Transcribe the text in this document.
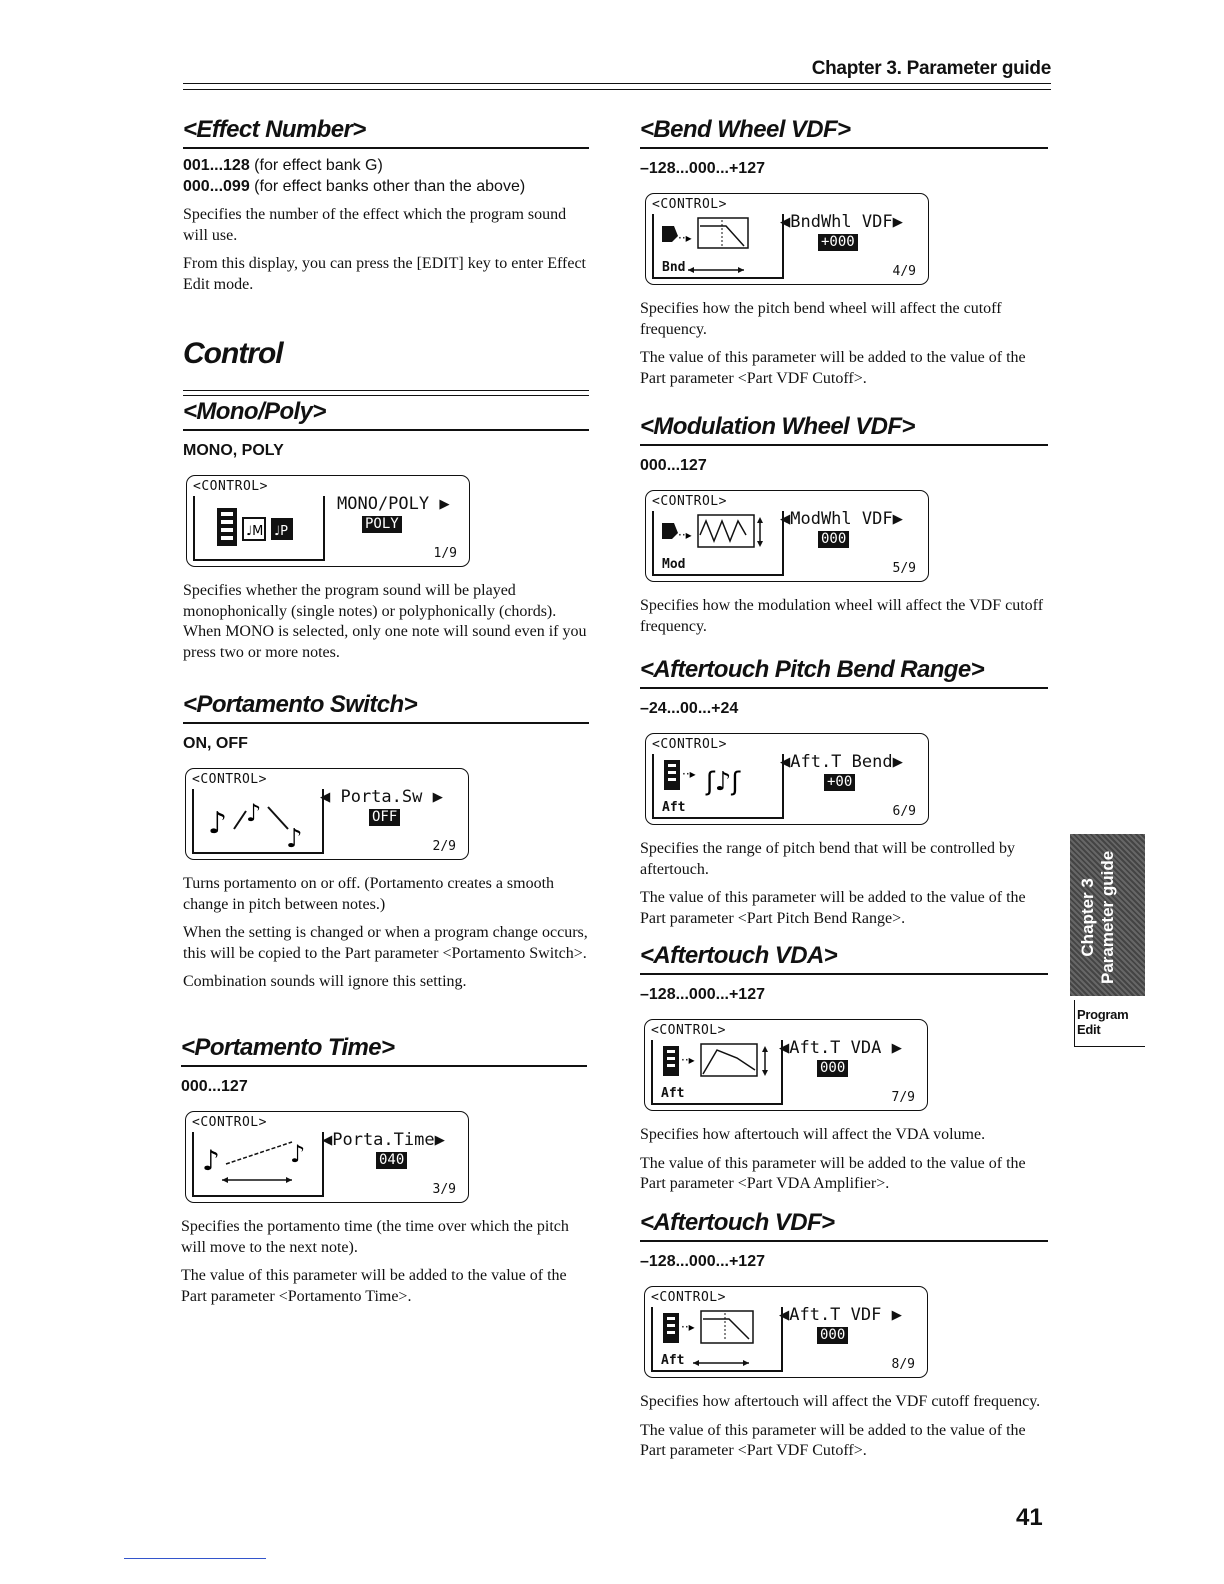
Chapter 3. Parameter guide
<Effect Number>
001...128 (for effect bank G)
000...099 (for effect banks other than the above)

Specifies the number of the effect which the program sound will use.

From this display, you can press the [EDIT] key to enter Effect Edit mode.

Control
<Mono/Poly>
MONO, POLY
<CONTROL>
♩M ♩P
MONO/POLY ▶
POLY
1/9

Specifies whether the program sound will be played monophonically (single notes) or polyphonically (chords). When MONO is selected, only one note will sound even if you press two or more notes.

<Portamento Switch>
ON, OFF
<CONTROL>
♪ ♪
♪
◀ Porta.Sw ▶
OFF
2/9

Turns portamento on or off. (Portamento creates a smooth change in pitch between notes.)

When the setting is changed or when a program change occurs, this will be copied to the Part parameter <Portamento Switch>.

Combination sounds will ignore this setting.

<Portamento Time>
000...127
<CONTROL>
♪	♪ ◀Porta.Time▶
040
3/9

Specifies the portamento time (the time over which the pitch will move to the next note).

The value of this parameter will be added to the value of the Part parameter <Portamento Time>.

<Bend Wheel VDF>
–128...000...+127
<CONTROL>
··▸
Bnd
◀BndWhl VDF▶
+000
4/9

Specifies how the pitch bend wheel will affect the cutoff frequency.

The value of this parameter will be added to the value of the Part parameter <Part VDF Cutoff>.

<Modulation Wheel VDF>
000...127
<CONTROL>
··▸
Mod
◀ModWhl VDF▶
000
5/9

Specifies how the modulation wheel will affect the VDF cutoff frequency.

<Aftertouch Pitch Bend Range>
–24...00...+24
<CONTROL>
··▸ ʃ♪ʃ
Aft
◀Aft.T Bend▶
+00
6/9

Specifies the range of pitch bend that will be controlled by aftertouch.

The value of this parameter will be added to the value of the Part parameter <Part Pitch Bend Range>.

<Aftertouch VDA>
–128...000...+127
<CONTROL>
··▸
Aft
◀Aft.T VDA ▶
000
7/9

Specifies how aftertouch will affect the VDA volume.

The value of this parameter will be added to the value of the Part parameter <Part VDA Amplifier>.

<Aftertouch VDF>
–128...000...+127
<CONTROL>
··▸
Aft
◀Aft.T VDF ▶
000
8/9

Specifies how aftertouch will affect the VDF cutoff frequency.

The value of this parameter will be added to the value of the Part parameter <Part VDF Cutoff>.

Chapter 3 Parameter guide
Program
Edit
41
